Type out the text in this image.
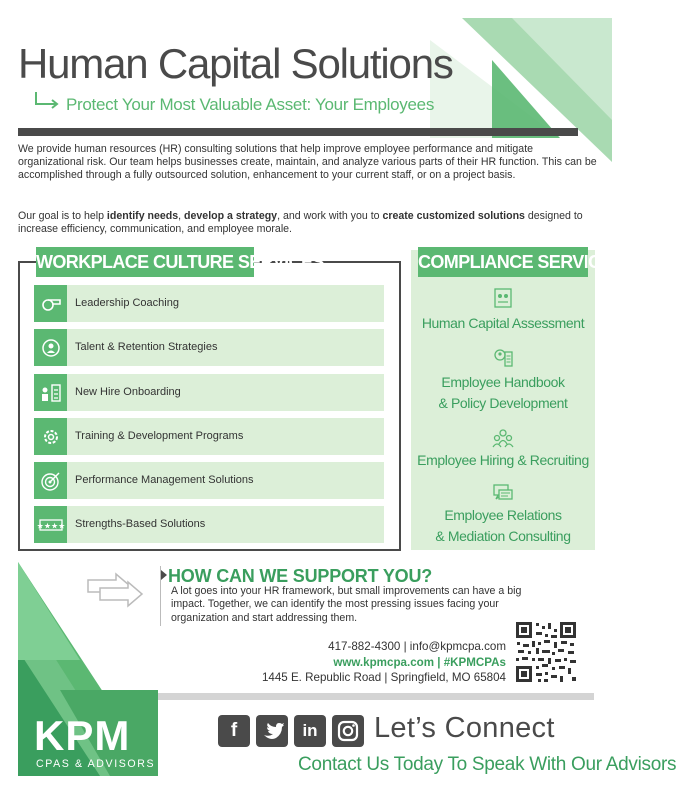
Human Capital Solutions
Protect Your Most Valuable Asset: Your Employees
We provide human resources (HR) consulting solutions that help improve employee performance and mitigate organizational risk. Our team helps businesses create, maintain, and analyze various parts of their HR function. This can be accomplished through a fully outsourced solution, enhancement to your current staff, or on a project basis.
Our goal is to help identify needs, develop a strategy, and work with you to create customized solutions designed to increase efficiency, communication, and employee morale.
WORKPLACE CULTURE SERVICES
Leadership Coaching
Talent & Retention Strategies
New Hire Onboarding
Training & Development Programs
Performance Management Solutions
★★★★ Strengths-Based Solutions
COMPLIANCE SERVICES
Human Capital Assessment
Employee Handbook
& Policy Development
Employee Hiring & Recruiting
Employee Relations
& Mediation Consulting
HOW CAN WE SUPPORT YOU?
A lot goes into your HR framework, but small improvements can have a big impact. Together, we can identify the most pressing issues facing your organization and start addressing them.
417-882-4300 | info@kpmcpa.com
www.kpmcpa.com | #KPMCPAs
1445 E. Republic Road | Springfield, MO 65804
f	in Let’s Connect
Contact Us Today To Speak With Our Advisors
KPM
CPAS & ADVISORS
